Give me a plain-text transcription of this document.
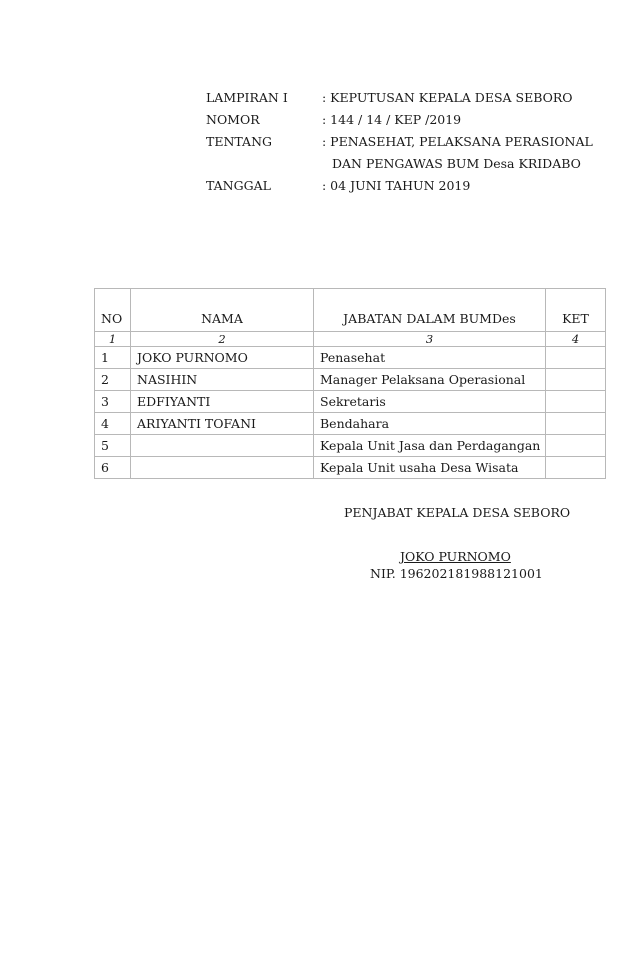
LAMPIRAN I	: KEPUTUSAN KEPALA DESA SEBORO
NOMOR	: 144 / 14 / KEP /2019
TENTANG	: PENASEHAT, PELAKSANA PERASIONAL
DAN PENGAWAS BUM Desa KRIDABO
TANGGAL	: 04 JUNI TAHUN 2019
NO	NAMA	JABATAN DALAM BUMDes	KET
1	2	3	4
1	JOKO PURNOMO	Penasehat	
2	NASIHIN	Manager Pelaksana Operasional	
3	EDFIYANTI	Sekretaris	
4	ARIYANTI TOFANI	Bendahara	
5		Kepala Unit Jasa dan Perdagangan	
6		Kepala Unit usaha Desa Wisata	
PENJABAT KEPALA DESA SEBORO
JOKO PURNOMO
NIP. 196202181988121001
